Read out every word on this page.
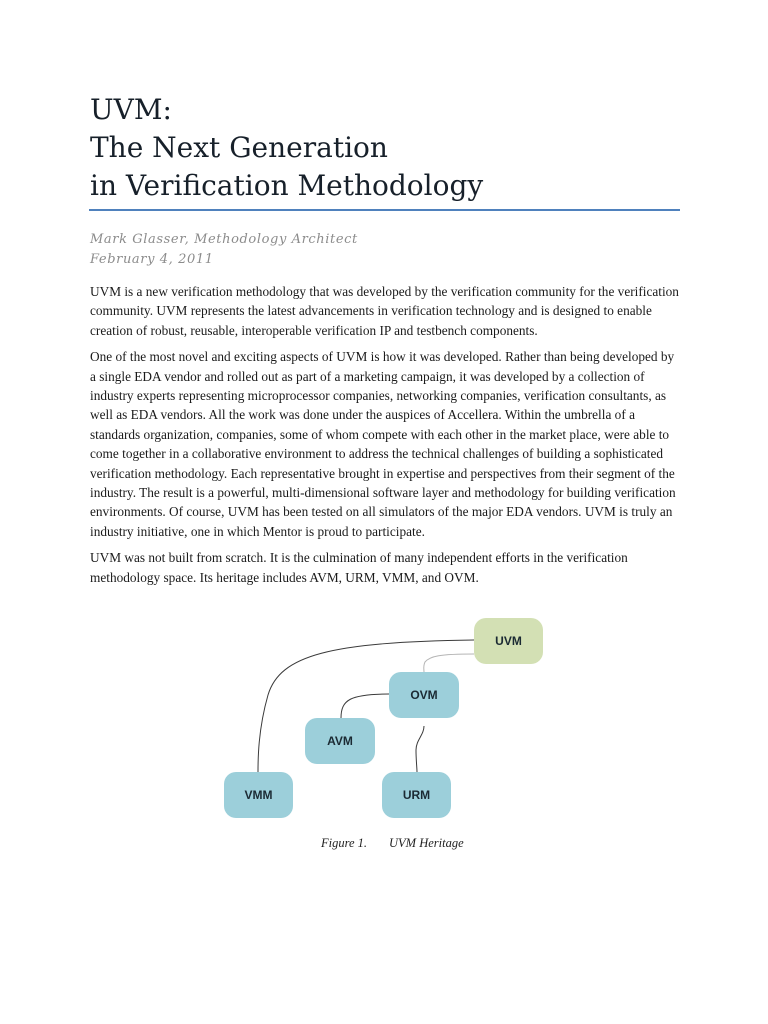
UVM:
The Next Generation
in Verification Methodology
Mark Glasser, Methodology Architect
February 4, 2011

UVM is a new verification methodology that was developed by the verification community for the verification community. UVM represents the latest advancements in verification technology and is designed to enable creation of robust, reusable, interoperable verification IP and testbench components.

One of the most novel and exciting aspects of UVM is how it was developed. Rather than being developed by a single EDA vendor and rolled out as part of a marketing campaign, it was developed by a collection of industry experts representing microprocessor companies, networking companies, verification consultants, as well as EDA vendors. All the work was done under the auspices of Accellera. Within the umbrella of a standards organization, companies, some of whom compete with each other in the market place, were able to come together in a collaborative environment to address the technical challenges of building a sophisticated verification methodology. Each representative brought in expertise and perspectives from their segment of the industry. The result is a powerful, multi-dimensional software layer and methodology for building verification environments. Of course, UVM has been tested on all simulators of the major EDA vendors. UVM is truly an industry initiative, one in which Mentor is proud to participate.

UVM was not built from scratch. It is the culmination of many independent efforts in the verification methodology space. Its heritage includes AVM, URM, VMM, and OVM.

UVM
OVM
AVM
VMM	URM
Figure 1. UVM Heritage
